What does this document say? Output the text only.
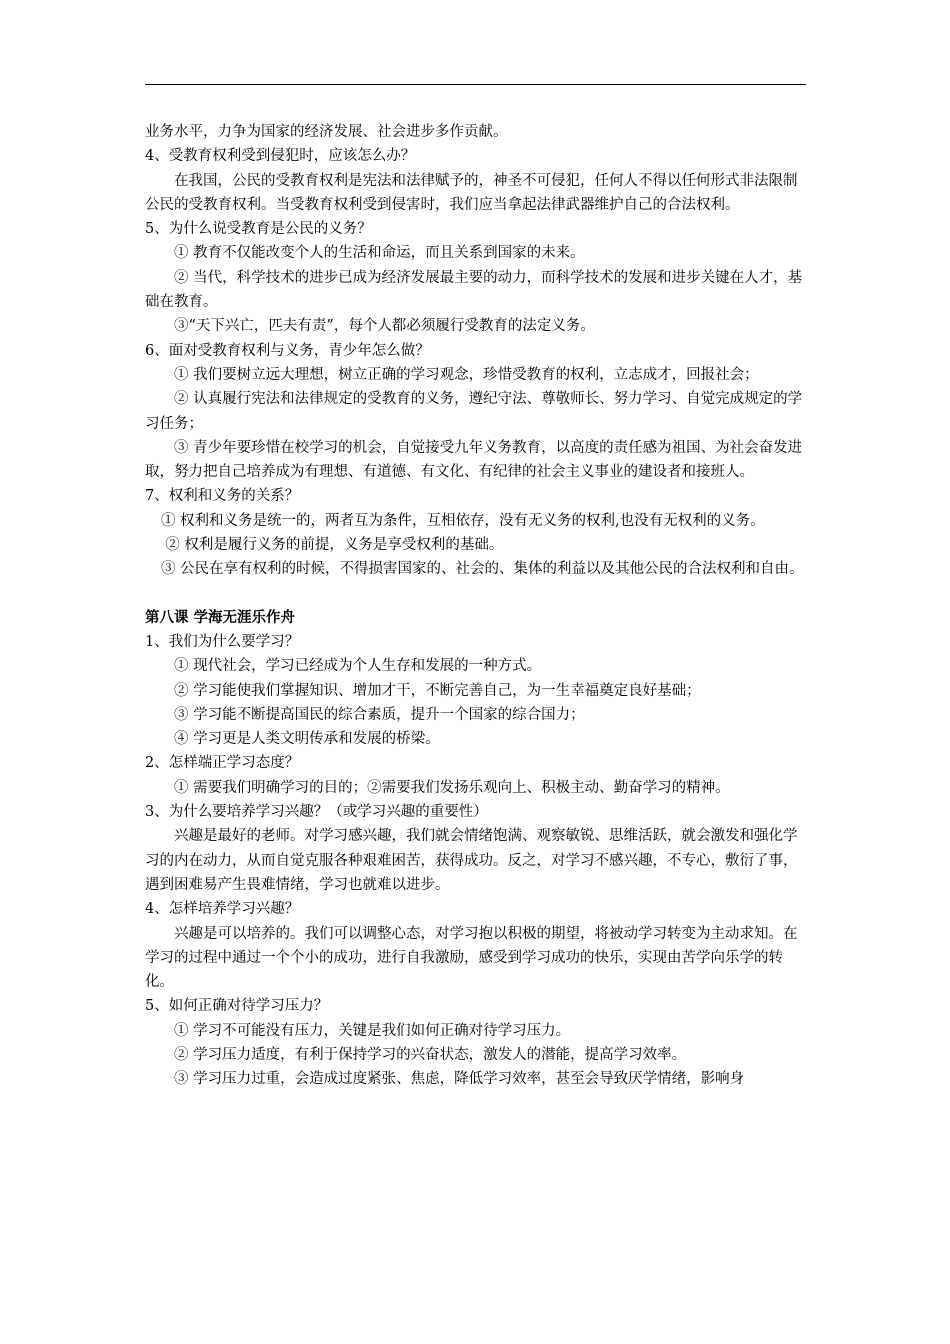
业务水平，力争为国家的经济发展、社会进步多作贡献。

4、受教育权利受到侵犯时，应该怎么办？

在我国，公民的受教育权利是宪法和法律赋予的，神圣不可侵犯，任何人不得以任何形式非法限制公民的受教育权利。当受教育权利受到侵害时，我们应当拿起法律武器维护自己的合法权利。

5、为什么说受教育是公民的义务？

① 教育不仅能改变个人的生活和命运，而且关系到国家的未来。

② 当代，科学技术的进步已成为经济发展最主要的动力，而科学技术的发展和进步关键在人才，基础在教育。

③“天下兴亡，匹夫有责”，每个人都必须履行受教育的法定义务。

6、面对受教育权利与义务，青少年怎么做？

① 我们要树立远大理想，树立正确的学习观念，珍惜受教育的权利，立志成才，回报社会；

② 认真履行宪法和法律规定的受教育的义务，遵纪守法、尊敬师长、努力学习、自觉完成规定的学习任务；

③ 青少年要珍惜在校学习的机会，自觉接受九年义务教育，以高度的责任感为祖国、为社会奋发进取，努力把自己培养成为有理想、有道德、有文化、有纪律的社会主义事业的建设者和接班人。

7、权利和义务的关系？

① 权利和义务是统一的，两者互为条件，互相依存，没有无义务的权利,也没有无权利的义务。

② 权利是履行义务的前提，义务是享受权利的基础。

③ 公民在享有权利的时候，不得损害国家的、社会的、集体的利益以及其他公民的合法权利和自由。

第八课 学海无涯乐作舟

1、我们为什么要学习？

① 现代社会，学习已经成为个人生存和发展的一种方式。

② 学习能使我们掌握知识、增加才干，不断完善自己，为一生幸福奠定良好基础；

③ 学习能不断提高国民的综合素质，提升一个国家的综合国力；

④ 学习更是人类文明传承和发展的桥梁。

2、怎样端正学习态度？

① 需要我们明确学习的目的；②需要我们发扬乐观向上、积极主动、勤奋学习的精神。

3、为什么要培养学习兴趣？（或学习兴趣的重要性）

兴趣是最好的老师。对学习感兴趣，我们就会情绪饱满、观察敏锐、思维活跃，就会激发和强化学习的内在动力，从而自觉克服各种艰难困苦，获得成功。反之，对学习不感兴趣，不专心，敷衍了事，遇到困难易产生畏难情绪，学习也就难以进步。

4、怎样培养学习兴趣？

兴趣是可以培养的。我们可以调整心态，对学习抱以积极的期望，将被动学习转变为主动求知。在学习的过程中通过一个个小的成功，进行自我激励，感受到学习成功的快乐，实现由苦学向乐学的转化。

5、如何正确对待学习压力？

① 学习不可能没有压力，关键是我们如何正确对待学习压力。

② 学习压力适度，有利于保持学习的兴奋状态，激发人的潜能，提高学习效率。

③ 学习压力过重，会造成过度紧张、焦虑，降低学习效率，甚至会导致厌学情绪，影响身
